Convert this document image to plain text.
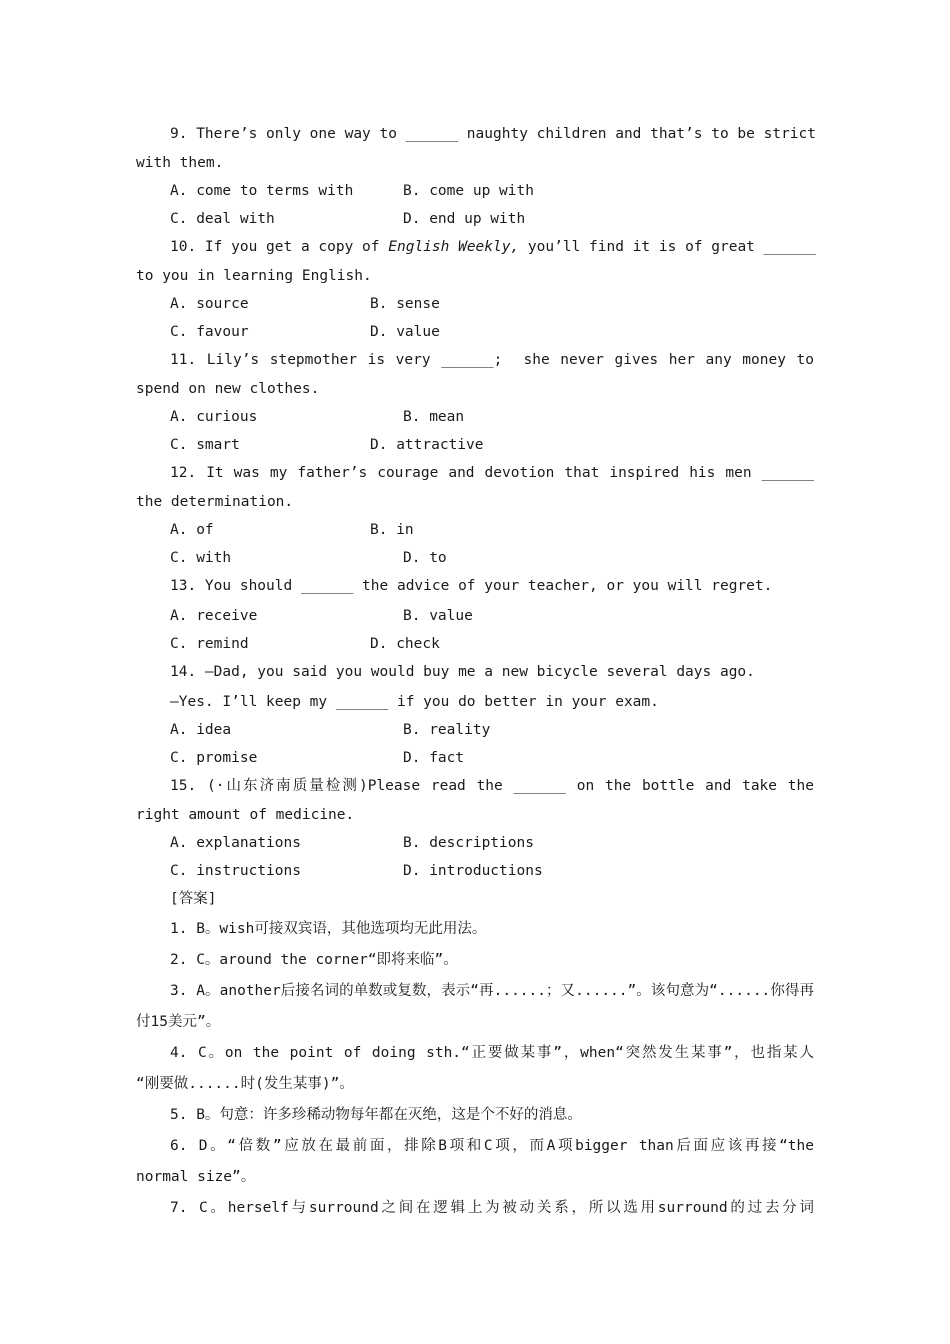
9. There’s only one way to ______ naughty children and that’s to be strict
with them.
A. come to terms with	B. come up with
C. deal with	D. end up with
10. If you get a copy of English Weekly, you’ll find it is of great ______
to you in learning English.
A. source	B. sense
C. favour	D. value
11. Lily’s stepmother is very ______;  she never gives her any money to
spend on new clothes.
A. curious	B. mean
C. smart	D. attractive
12. It was my father’s courage and devotion that inspired his men ______
the determination.
A. of	B. in
C. with	D. to
13. You should ______ the advice of your teacher, or you will regret.
A. receive	B. value
C. remind	D. check
14. —Dad, you said you would buy me a new bicycle several days ago.
—Yes. I’ll keep my ______ if you do better in your exam.
A. idea	B. reality
C. promise	D. fact
15. (·山东济南质量检测)Please read the ______ on the bottle and take the
right amount of medicine.
A. explanations	B. descriptions
C. instructions	D. introductions
[答案]
1. B。wish可接双宾语，其他选项均无此用法。
2. C。around the corner“即将来临”。
3. A。another后接名词的单数或复数，表示“再......；又......”。该句意为“......你得再
付15美元”。
4. C。on the point of doing sth.“正要做某事”，when“突然发生某事”，也指某人
“刚要做......时(发生某事)”。
5. B。句意：许多珍稀动物每年都在灭绝，这是个不好的消息。
6. D。“倍数”应放在最前面，排除B项和C项，而A项bigger than后面应该再接“the
normal size”。
7. C。herself与surround之间在逻辑上为被动关系，所以选用surround的过去分词
